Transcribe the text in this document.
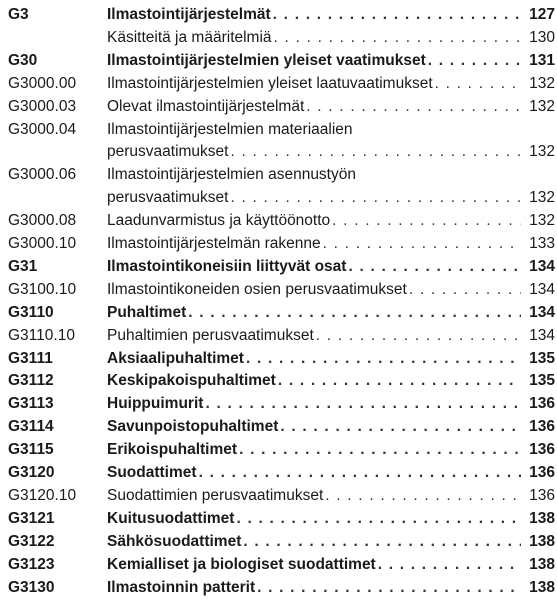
G3	Ilmastointijärjestelmät . . .	127
Käsitteitä ja määritelmiä . . .	130
G30	Ilmastointijärjestelmien yleiset vaatimukset . . .	131
G3000.00 Ilmastointijärjestelmien yleiset laatuvaatimukset . . .	132
G3000.03 Olevat ilmastointijärjestelmät . . .	132
G3000.04 Ilmastointijärjestelmien materiaalien
perusvaatimukset . . .	132
G3000.06 Ilmastointijärjestelmien asennustyön
perusvaatimukset . . .	132
G3000.08 Laadunvarmistus ja käyttöönotto . . .	132
G3000.10 Ilmastointijärjestelmän rakenne . . .	133
G31	Ilmastointikoneisiin liittyvät osat . . .	134
G3100.10 Ilmastointikoneiden osien perusvaatimukset . . .	134
G3110	Puhaltimet . . .	134
G3110.10 Puhaltimien perusvaatimukset . . .	134
G3111	Aksiaalipuhaltimet . . .	135
G3112	Keskipakoispuhaltimet . . .	135
G3113	Huippuimurit . . .	136
G3114	Savunpoistopuhaltimet . . .	136
G3115	Erikoispuhaltimet . . .	136
G3120	Suodattimet . . .	136
G3120.10 Suodattimien perusvaatimukset . . .	136
G3121	Kuitusuodattimet . . .	138
G3122	Sähkösuodattimet . . .	138
G3123	Kemialliset ja biologiset suodattimet . . .	138
G3130	Ilmastoinnin patterit . . .	138
